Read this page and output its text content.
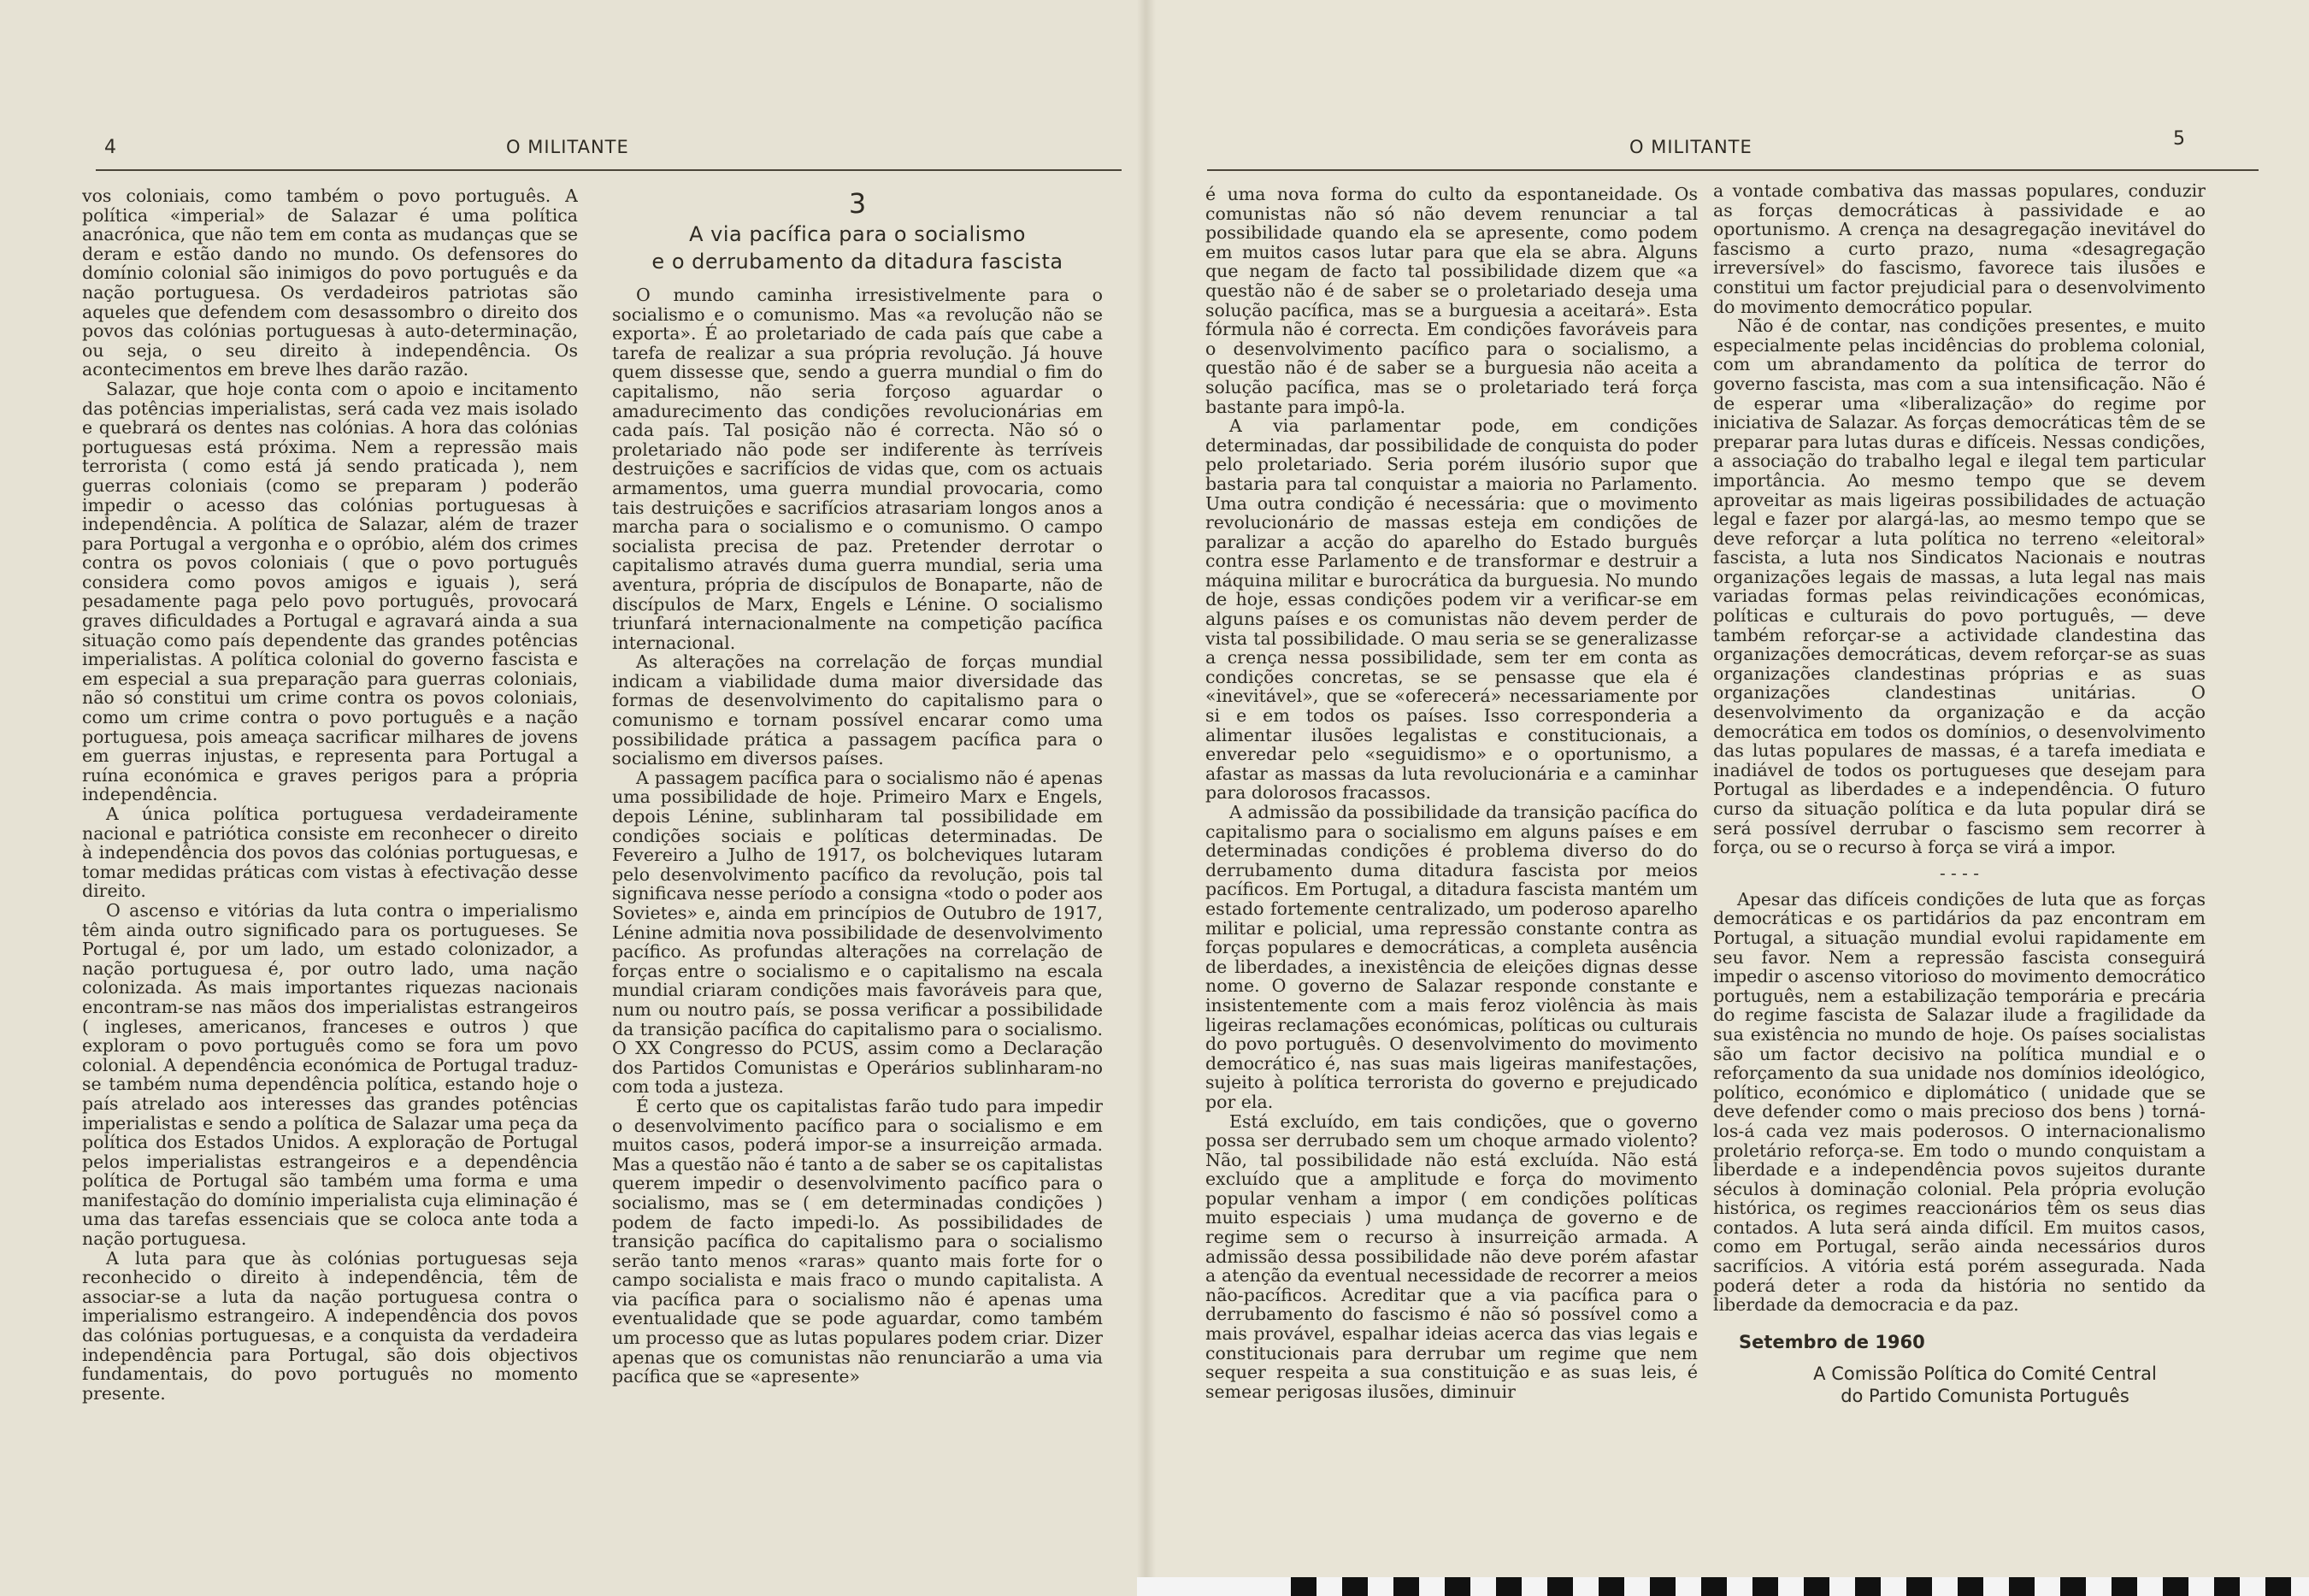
4	O MILITANTE

vos coloniais, como também o povo português. A política «imperial» de Salazar é uma política anacrónica, que não tem em conta as mudanças que se deram e estão dando no mundo. Os defensores do domínio colonial são inimigos do povo português e da nação portuguesa. Os verdadeiros patriotas são aqueles que defendem com desassombro o direito dos povos das colónias portuguesas à auto-determinação, ou seja, o seu direito à independência. Os acontecimentos em breve lhes darão razão.

Salazar, que hoje conta com o apoio e incitamento das potências imperialistas, será cada vez mais isolado e quebrará os dentes nas colónias. A hora das colónias portuguesas está próxima. Nem a repressão mais terrorista ( como está já sendo praticada ), nem guerras coloniais (como se preparam ) poderão impedir o acesso das colónias portuguesas à independência. A política de Salazar, além de trazer para Portugal a vergonha e o opróbio, além dos crimes contra os povos coloniais ( que o povo português considera como povos amigos e iguais ), será pesadamente paga pelo povo português, provocará graves dificuldades a Portugal e agravará ainda a sua situação como país dependente das grandes potências imperialistas. A política colonial do governo fascista e em especial a sua preparação para guerras coloniais, não só constitui um crime contra os povos coloniais, como um crime contra o povo português e a nação portuguesa, pois ameaça sacrificar milhares de jovens em guerras injustas, e representa para Portugal a ruína económica e graves perigos para a própria independência.

A única política portuguesa verdadeiramente nacional e patriótica consiste em reconhecer o direito à independência dos povos das colónias portuguesas, e tomar medidas práticas com vistas à efectivação desse direito.

O ascenso e vitórias da luta contra o imperialismo têm ainda outro significado para os portugueses. Se Portugal é, por um lado, um estado colonizador, a nação portuguesa é, por outro lado, uma nação colonizada. As mais importantes riquezas nacionais encontram-se nas mãos dos imperialistas estrangeiros ( ingleses, americanos, franceses e outros ) que exploram o povo português como se fora um povo colonial. A dependência económica de Portugal traduz-se também numa dependência política, estando hoje o país atrelado aos interesses das grandes potências imperialistas e sendo a política de Salazar uma peça da política dos Estados Unidos. A exploração de Portugal pelos imperialistas estrangeiros e a dependência política de Portugal são também uma forma e uma manifestação do domínio imperialista cuja eliminação é uma das tarefas essenciais que se coloca ante toda a nação portuguesa.

A luta para que às colónias portuguesas seja reconhecido o direito à independência, têm de associar-se a luta da nação portuguesa contra o imperialismo estrangeiro. A independência dos povos das colónias portuguesas, e a conquista da verdadeira independência para Portugal, são dois objectivos fundamentais, do povo português no momento presente.

3
A via pacífica para o socialismo
e o derrubamento da ditadura fascista

O mundo caminha irresistivelmente para o socialismo e o comunismo. Mas «a revolução não se exporta». É ao proletariado de cada país que cabe a tarefa de realizar a sua própria revolução. Já houve quem dissesse que, sendo a guerra mundial o fim do capitalismo, não seria forçoso aguardar o amadurecimento das condições revolucionárias em cada país. Tal posição não é correcta. Não só o proletariado não pode ser indiferente às terríveis destruições e sacrifícios de vidas que, com os actuais armamentos, uma guerra mundial provocaria, como tais destruições e sacrifícios atrasariam longos anos a marcha para o socialismo e o comunismo. O campo socialista precisa de paz. Pretender derrotar o capitalismo através duma guerra mundial, seria uma aventura, própria de discípulos de Bonaparte, não de discípulos de Marx, Engels e Lénine. O socialismo triunfará internacionalmente na competição pacífica internacional.

As alterações na correlação de forças mundial indicam a viabilidade duma maior diversidade das formas de desenvolvimento do capitalismo para o comunismo e tornam possível encarar como uma possibilidade prática a passagem pacífica para o socialismo em diversos países.

A passagem pacífica para o socialismo não é apenas uma possibilidade de hoje. Primeiro Marx e Engels, depois Lénine, sublinharam tal possibilidade em condições sociais e políticas determinadas. De Fevereiro a Julho de 1917, os bolcheviques lutaram pelo desenvolvimento pacífico da revolução, pois tal significava nesse período a consigna «todo o poder aos Sovietes» e, ainda em princípios de Outubro de 1917, Lénine admitia nova possibilidade de desenvolvimento pacífico. As profundas alterações na correlação de forças entre o socialismo e o capitalismo na escala mundial criaram condições mais favoráveis para que, num ou noutro país, se possa verificar a possibilidade da transição pacífica do capitalismo para o socialismo. O XX Congresso do PCUS, assim como a Declaração dos Partidos Comunistas e Operários sublinharam-no com toda a justeza.

É certo que os capitalistas farão tudo para impedir o desenvolvimento pacífico para o socialismo e em muitos casos, poderá impor-se a insurreição armada. Mas a questão não é tanto a de saber se os capitalistas querem impedir o desenvolvimento pacífico para o socialismo, mas se ( em determinadas condições ) podem de facto impedi-lo. As possibilidades de transição pacífica do capitalismo para o socialismo serão tanto menos «raras» quanto mais forte for o campo socialista e mais fraco o mundo capitalista. A via pacífica para o socialismo não é apenas uma eventualidade que se pode aguardar, como também um processo que as lutas populares podem criar. Dizer apenas que os comunistas não renunciarão a uma via pacífica que se «apresente»

O MILITANTE	5

é uma nova forma do culto da espontaneidade. Os comunistas não só não devem renunciar a tal possibilidade quando ela se apresente, como podem em muitos casos lutar para que ela se abra. Alguns que negam de facto tal possibilidade dizem que «a questão não é de saber se o proletariado deseja uma solução pacífica, mas se a burguesia a aceitará». Esta fórmula não é correcta. Em condições favoráveis para o desenvolvimento pacífico para o socialismo, a questão não é de saber se a burguesia não aceita a solução pacífica, mas se o proletariado terá força bastante para impô-la.

A via parlamentar pode, em condições determinadas, dar possibilidade de conquista do poder pelo proletariado. Seria porém ilusório supor que bastaria para tal conquistar a maioria no Parlamento. Uma outra condição é necessária: que o movimento revolucionário de massas esteja em condições de paralizar a acção do aparelho do Estado burguês contra esse Parlamento e de transformar e destruir a máquina militar e burocrática da burguesia. No mundo de hoje, essas condições podem vir a verificar-se em alguns países e os comunistas não devem perder de vista tal possibilidade. O mau seria se se generalizasse a crença nessa possibilidade, sem ter em conta as condições concretas, se se pensasse que ela é «inevitável», que se «oferecerá» necessariamente por si e em todos os países. Isso corresponderia a alimentar ilusões legalistas e constitucionais, a enveredar pelo «seguidismo» e o oportunismo, a afastar as massas da luta revolucionária e a caminhar para dolorosos fracassos.

A admissão da possibilidade da transição pacífica do capitalismo para o socialismo em alguns países e em determinadas condições é problema diverso do do derrubamento duma ditadura fascista por meios pacíficos. Em Portugal, a ditadura fascista mantém um estado fortemente centralizado, um poderoso aparelho militar e policial, uma repressão constante contra as forças populares e democráticas, a completa ausência de liberdades, a inexistência de eleições dignas desse nome. O governo de Salazar responde constante e insistentemente com a mais feroz violência às mais ligeiras reclamações económicas, políticas ou culturais do povo português. O desenvolvimento do movimento democrático é, nas suas mais ligeiras manifestações, sujeito à política terrorista do governo e prejudicado por ela.

Está excluído, em tais condições, que o governo possa ser derrubado sem um choque armado violento? Não, tal possibilidade não está excluída. Não está excluído que a amplitude e força do movimento popular venham a impor ( em condições políticas muito especiais ) uma mudança de governo e de regime sem o recurso à insurreição armada. A admissão dessa possibilidade não deve porém afastar a atenção da eventual necessidade de recorrer a meios não-pacíficos. Acreditar que a via pacífica para o derrubamento do fascismo é não só possível como a mais provável, espalhar ideias acerca das vias legais e constitucionais para derrubar um regime que nem sequer respeita a sua constituição e as suas leis, é semear perigosas ilusões, diminuir

a vontade combativa das massas populares, conduzir as forças democráticas à passividade e ao oportunismo. A crença na desagregação inevitável do fascismo a curto prazo, numa «desagregação irreversível» do fascismo, favorece tais ilusões e constitui um factor prejudicial para o desenvolvimento do movimento democrático popular.

Não é de contar, nas condições presentes, e muito especialmente pelas incidências do problema colonial, com um abrandamento da política de terror do governo fascista, mas com a sua intensificação. Não é de esperar uma «liberalização» do regime por iniciativa de Salazar. As forças democráticas têm de se preparar para lutas duras e difíceis. Nessas condições, a associação do trabalho legal e ilegal tem particular importância. Ao mesmo tempo que se devem aproveitar as mais ligeiras possibilidades de actuação legal e fazer por alargá-las, ao mesmo tempo que se deve reforçar a luta política no terreno «eleitoral» fascista, a luta nos Sindicatos Nacionais e noutras organizações legais de massas, a luta legal nas mais variadas formas pelas reivindicações económicas, políticas e culturais do povo português, — deve também reforçar-se a actividade clandestina das organizações democráticas, devem reforçar-se as suas organizações clandestinas próprias e as suas organizações clandestinas unitárias. O desenvolvimento da organização e da acção democrática em todos os domínios, o desenvolvimento das lutas populares de massas, é a tarefa imediata e inadiável de todos os portugueses que desejam para Portugal as liberdades e a independência. O futuro curso da situação política e da luta popular dirá se será possível derrubar o fascismo sem recorrer à força, ou se o recurso à força se virá a impor.

- - - -

Apesar das difíceis condições de luta que as forças democráticas e os partidários da paz encontram em Portugal, a situação mundial evolui rapidamente em seu favor. Nem a repressão fascista conseguirá impedir o ascenso vitorioso do movimento democrático português, nem a estabilização temporária e precária do regime fascista de Salazar ilude a fragilidade da sua existência no mundo de hoje. Os países socialistas são um factor decisivo na política mundial e o reforçamento da sua unidade nos domínios ideológico, político, económico e diplomático ( unidade que se deve defender como o mais precioso dos bens ) torná-los-á cada vez mais poderosos. O internacionalismo proletário reforça-se. Em todo o mundo conquistam a liberdade e a independência povos sujeitos durante séculos à dominação colonial. Pela própria evolução histórica, os regimes reaccionários têm os seus dias contados. A luta será ainda difícil. Em muitos casos, como em Portugal, serão ainda necessários duros sacrifícios. A vitória está porém assegurada. Nada poderá deter a roda da história no sentido da liberdade da democracia e da paz.

Setembro de 1960
A Comissão Política do Comité Central
do Partido Comunista Português
